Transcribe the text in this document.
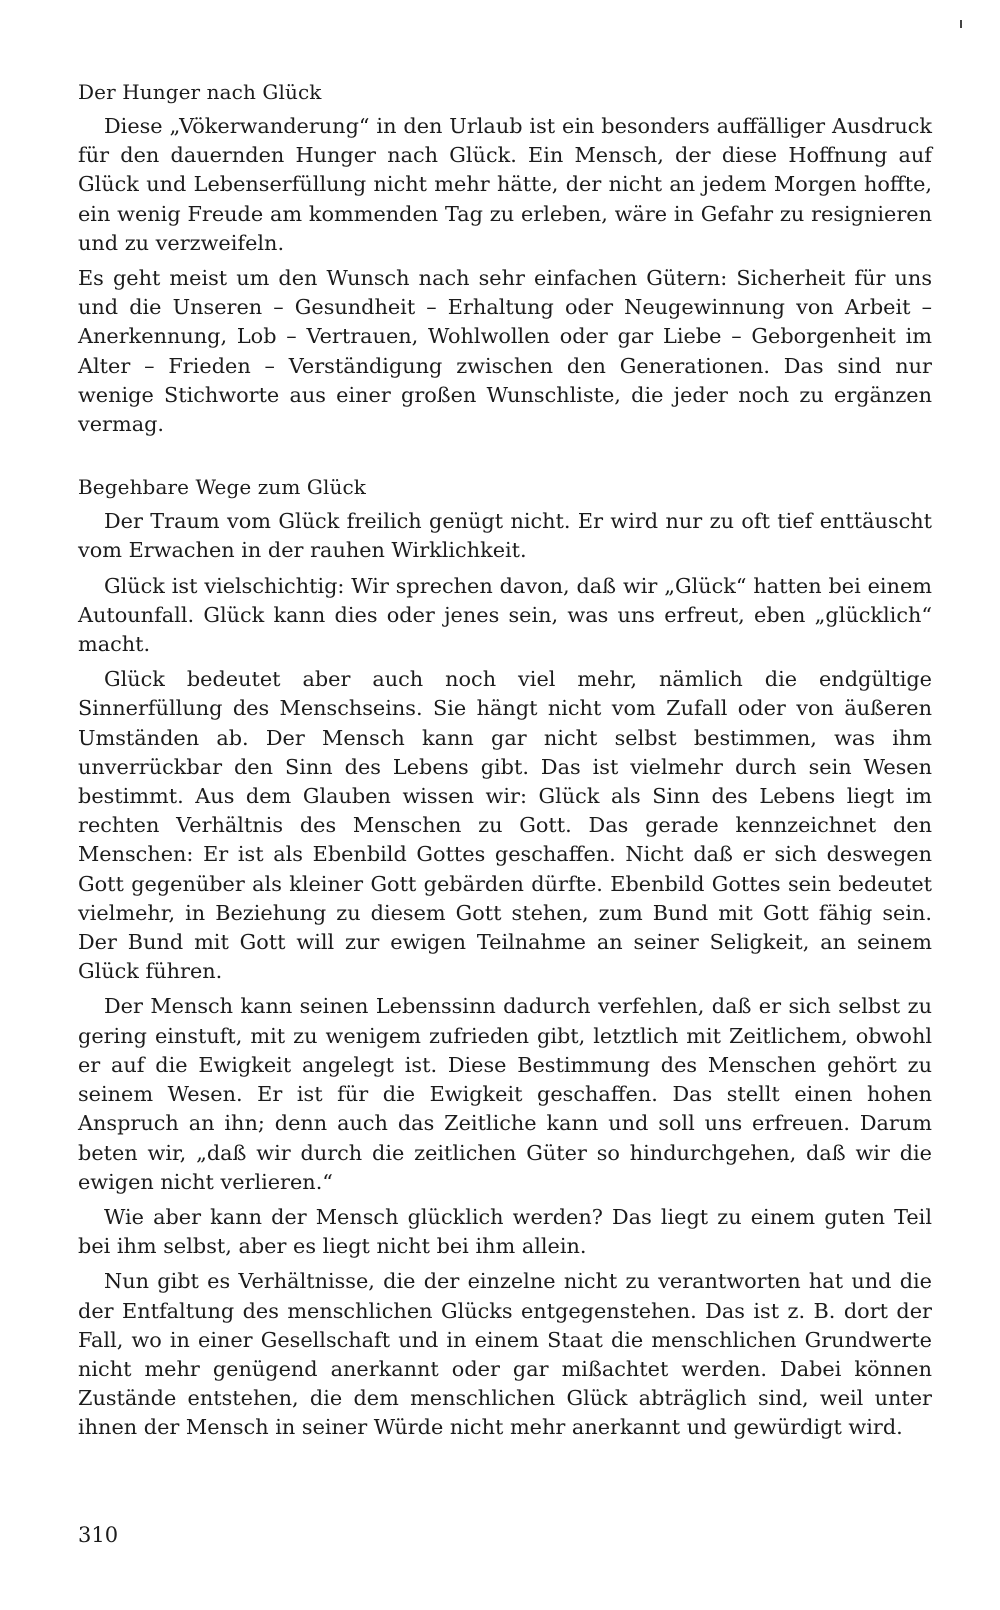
Der Hunger nach Glück

Diese „Vökerwanderung“ in den Urlaub ist ein besonders auffälliger Ausdruck für den dauernden Hunger nach Glück. Ein Mensch, der diese Hoffnung auf Glück und Lebenserfüllung nicht mehr hätte, der nicht an jedem Morgen hoffte, ein wenig Freude am kommenden Tag zu erleben, wäre in Gefahr zu resignieren und zu verzweifeln.

Es geht meist um den Wunsch nach sehr einfachen Gütern: Sicherheit für uns und die Unseren – Gesundheit – Erhaltung oder Neugewinnung von Arbeit – Anerkennung, Lob – Vertrauen, Wohlwollen oder gar Liebe – Geborgenheit im Alter – Frieden – Verständigung zwischen den Generationen. Das sind nur wenige Stichworte aus einer großen Wunschliste, die jeder noch zu ergänzen vermag.

Begehbare Wege zum Glück

Der Traum vom Glück freilich genügt nicht. Er wird nur zu oft tief enttäuscht vom Erwachen in der rauhen Wirklichkeit.

Glück ist vielschichtig: Wir sprechen davon, daß wir „Glück“ hatten bei einem Autounfall. Glück kann dies oder jenes sein, was uns erfreut, eben „glücklich“ macht.

Glück bedeutet aber auch noch viel mehr, nämlich die endgültige Sinnerfüllung des Menschseins. Sie hängt nicht vom Zufall oder von äußeren Umständen ab. Der Mensch kann gar nicht selbst bestimmen, was ihm unverrückbar den Sinn des Lebens gibt. Das ist vielmehr durch sein Wesen bestimmt. Aus dem Glauben wissen wir: Glück als Sinn des Lebens liegt im rechten Verhältnis des Menschen zu Gott. Das gerade kennzeichnet den Menschen: Er ist als Ebenbild Gottes geschaffen. Nicht daß er sich deswegen Gott gegenüber als kleiner Gott gebärden dürfte. Ebenbild Gottes sein bedeutet vielmehr, in Beziehung zu diesem Gott stehen, zum Bund mit Gott fähig sein. Der Bund mit Gott will zur ewigen Teilnahme an seiner Seligkeit, an seinem Glück führen.

Der Mensch kann seinen Lebenssinn dadurch verfehlen, daß er sich selbst zu gering einstuft, mit zu wenigem zufrieden gibt, letztlich mit Zeitlichem, obwohl er auf die Ewigkeit angelegt ist. Diese Bestimmung des Menschen gehört zu seinem Wesen. Er ist für die Ewigkeit geschaffen. Das stellt einen hohen Anspruch an ihn; denn auch das Zeitliche kann und soll uns erfreuen. Darum beten wir, „daß wir durch die zeitlichen Güter so hindurchgehen, daß wir die ewigen nicht verlieren.“

Wie aber kann der Mensch glücklich werden? Das liegt zu einem guten Teil bei ihm selbst, aber es liegt nicht bei ihm allein.

Nun gibt es Verhältnisse, die der einzelne nicht zu verantworten hat und die der Entfaltung des menschlichen Glücks entgegenstehen. Das ist z. B. dort der Fall, wo in einer Gesellschaft und in einem Staat die menschlichen Grundwerte nicht mehr genügend anerkannt oder gar mißachtet werden. Dabei können Zustände entstehen, die dem menschlichen Glück abträglich sind, weil unter ihnen der Mensch in seiner Würde nicht mehr anerkannt und gewürdigt wird.

310
